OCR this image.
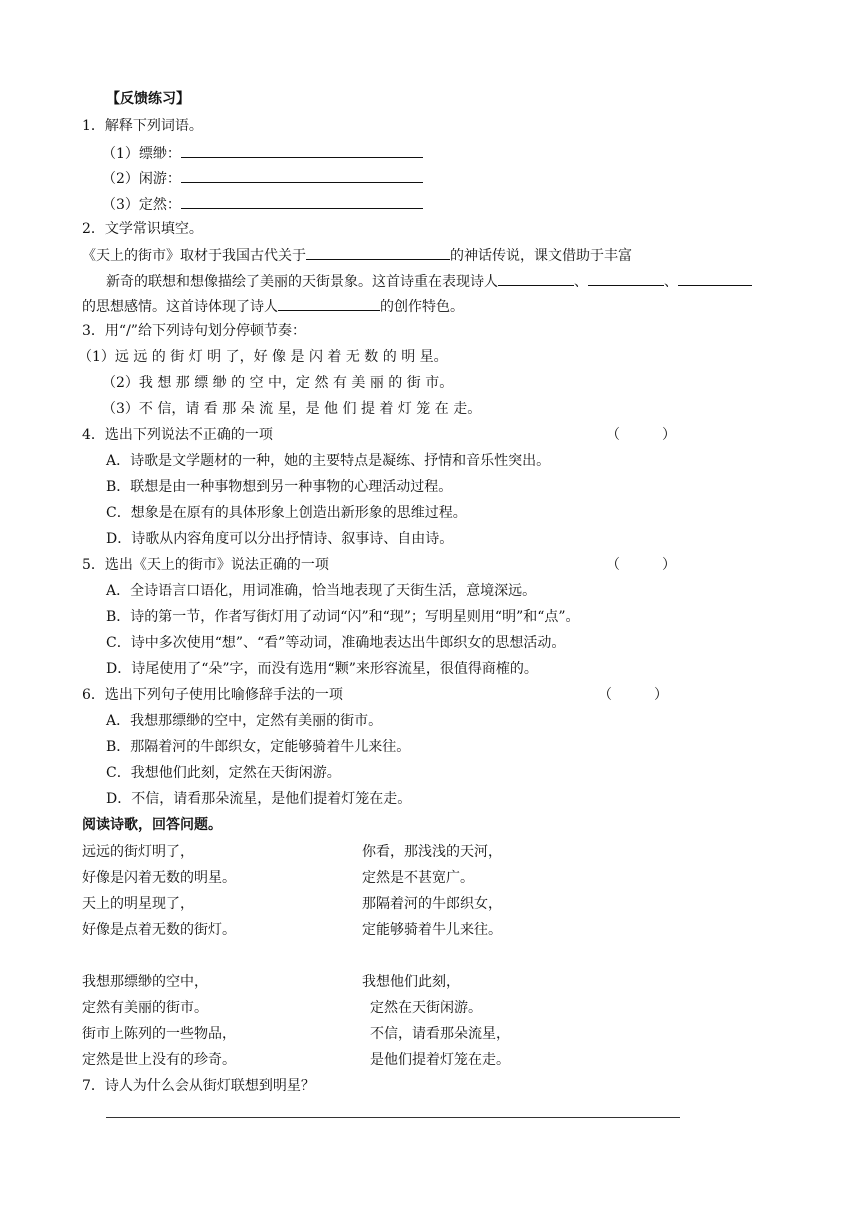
【反馈练习】
1．解释下列词语。
（1）缥缈：
（2）闲游：
（3）定然：
2．文学常识填空。
《天上的街市》取材于我国古代关于	的神话传说，课文借助于丰富
新奇的联想和想像描绘了美丽的天街景象。这首诗重在表现诗人	、	、
的思想感情。这首诗体现了诗人	的创作特色。
3．用“/”给下列诗句划分停顿节奏：
（1）远 远 的 街 灯 明 了，好 像 是 闪 着 无 数 的 明 星。
（2）我 想 那 缥 缈 的 空 中，定 然 有 美 丽 的 街 市。
（3）不 信，请 看 那 朵 流 星，是 他 们 提 着 灯 笼 在 走。
4．选出下列说法不正确的一项	（　　　）
A．诗歌是文学题材的一种，她的主要特点是凝练、抒情和音乐性突出。
B．联想是由一种事物想到另一种事物的心理活动过程。
C．想象是在原有的具体形象上创造出新形象的思维过程。
D．诗歌从内容角度可以分出抒情诗、叙事诗、自由诗。
5．选出《天上的街市》说法正确的一项	（　　　）
A．全诗语言口语化，用词准确，恰当地表现了天街生活，意境深远。
B．诗的第一节，作者写街灯用了动词“闪”和“现”；写明星则用“明”和“点”。
C．诗中多次使用“想”、“看”等动词，准确地表达出牛郎织女的思想活动。
D．诗尾使用了“朵”字，而没有选用“颗”来形容流星，很值得商榷的。
6．选出下列句子使用比喻修辞手法的一项	（　　　）
A．我想那缥缈的空中，定然有美丽的街市。
B．那隔着河的牛郎织女，定能够骑着牛儿来往。
C．我想他们此刻，定然在天街闲游。
D．不信，请看那朵流星，是他们提着灯笼在走。
阅读诗歌，回答问题。
远远的街灯明了，
好像是闪着无数的明星。
天上的明星现了，
好像是点着无数的街灯。
你看，那浅浅的天河，
定然是不甚宽广。
那隔着河的牛郎织女，
定能够骑着牛儿来往。
我想那缥缈的空中，
定然有美丽的街市。
街市上陈列的一些物品，
定然是世上没有的珍奇。
我想他们此刻，
定然在天街闲游。
不信，请看那朵流星，
是他们提着灯笼在走。
7．诗人为什么会从街灯联想到明星？
